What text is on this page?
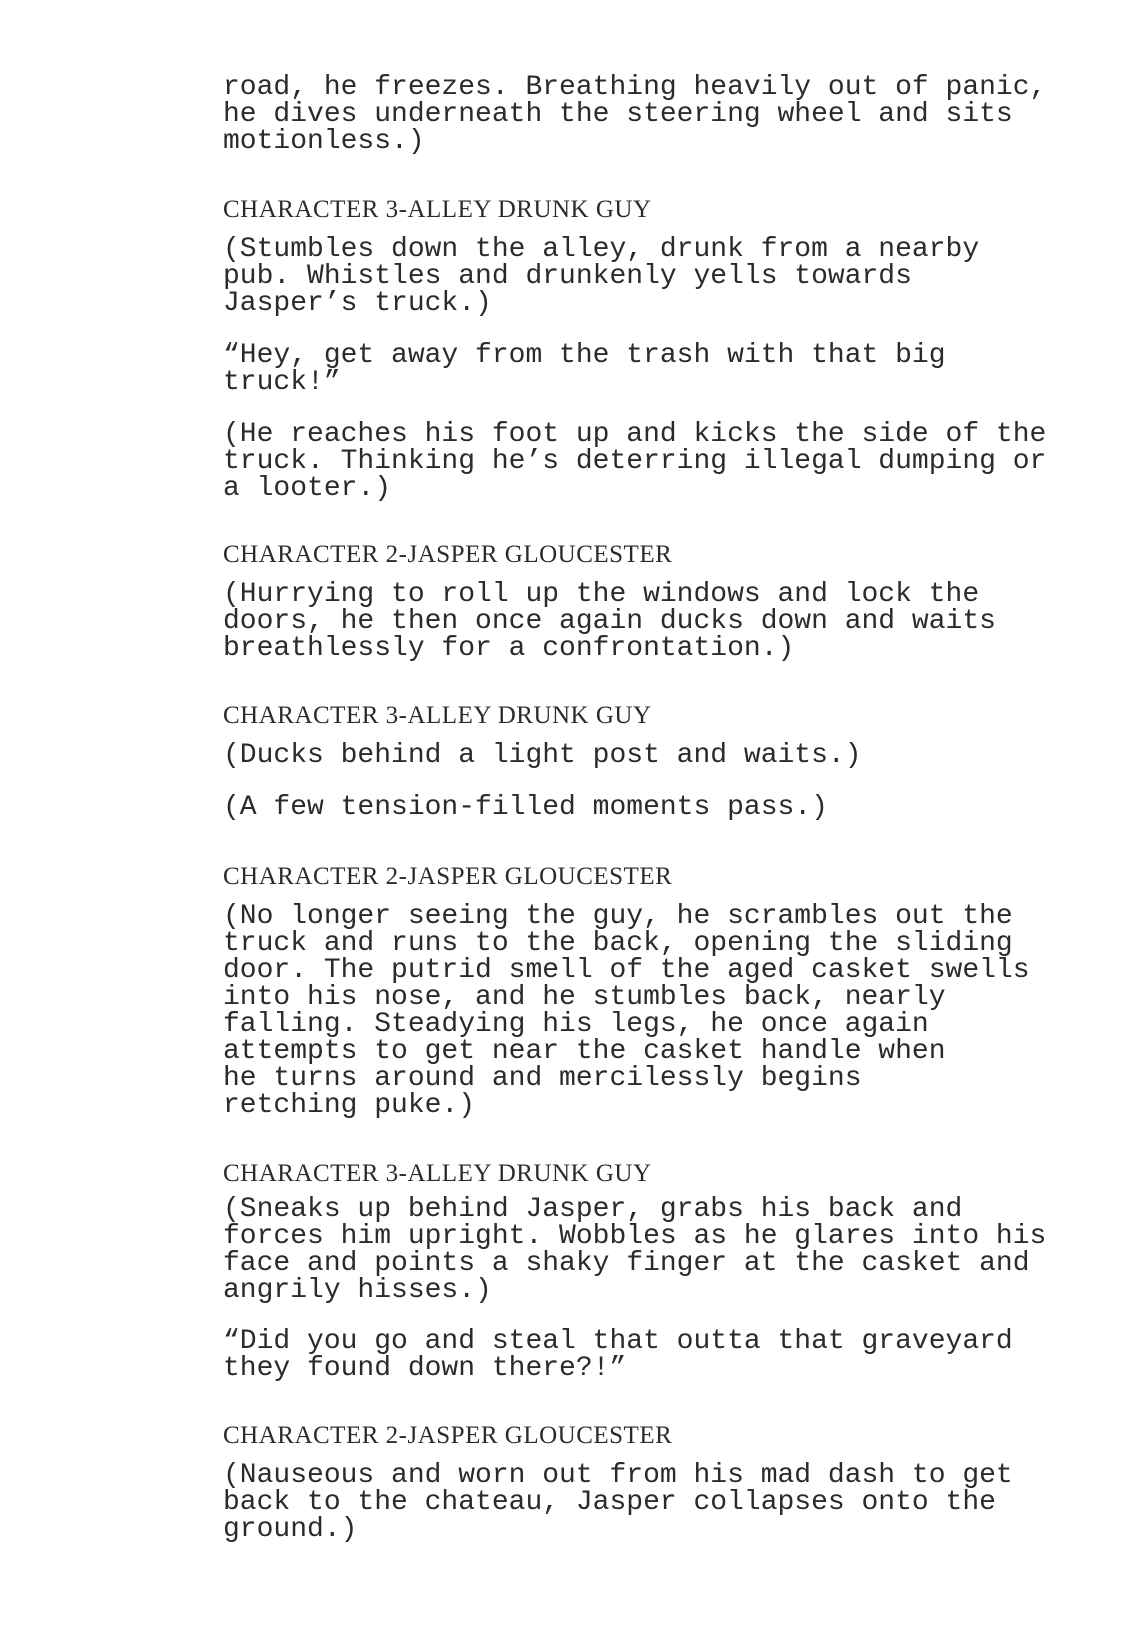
road, he freezes. Breathing heavily out of panic,
he dives underneath the steering wheel and sits
motionless.)

CHARACTER 3-ALLEY DRUNK GUY

(Stumbles down the alley, drunk from a nearby
pub. Whistles and drunkenly yells towards
Jasper’s truck.)

“Hey, get away from the trash with that big
truck!”

(He reaches his foot up and kicks the side of the
truck. Thinking he’s deterring illegal dumping or
a looter.)

CHARACTER 2-JASPER GLOUCESTER

(Hurrying to roll up the windows and lock the
doors, he then once again ducks down and waits
breathlessly for a confrontation.)

CHARACTER 3-ALLEY DRUNK GUY

(Ducks behind a light post and waits.)

(A few tension-filled moments pass.)

CHARACTER 2-JASPER GLOUCESTER

(No longer seeing the guy, he scrambles out the
truck and runs to the back, opening the sliding
door. The putrid smell of the aged casket swells
into his nose, and he stumbles back, nearly
falling. Steadying his legs, he once again
attempts to get near the casket handle when
he turns around and mercilessly begins
retching puke.)

CHARACTER 3-ALLEY DRUNK GUY

(Sneaks up behind Jasper, grabs his back and
forces him upright. Wobbles as he glares into his
face and points a shaky finger at the casket and
angrily hisses.)

“Did you go and steal that outta that graveyard
they found down there?!”

CHARACTER 2-JASPER GLOUCESTER

(Nauseous and worn out from his mad dash to get
back to the chateau, Jasper collapses onto the
ground.)
